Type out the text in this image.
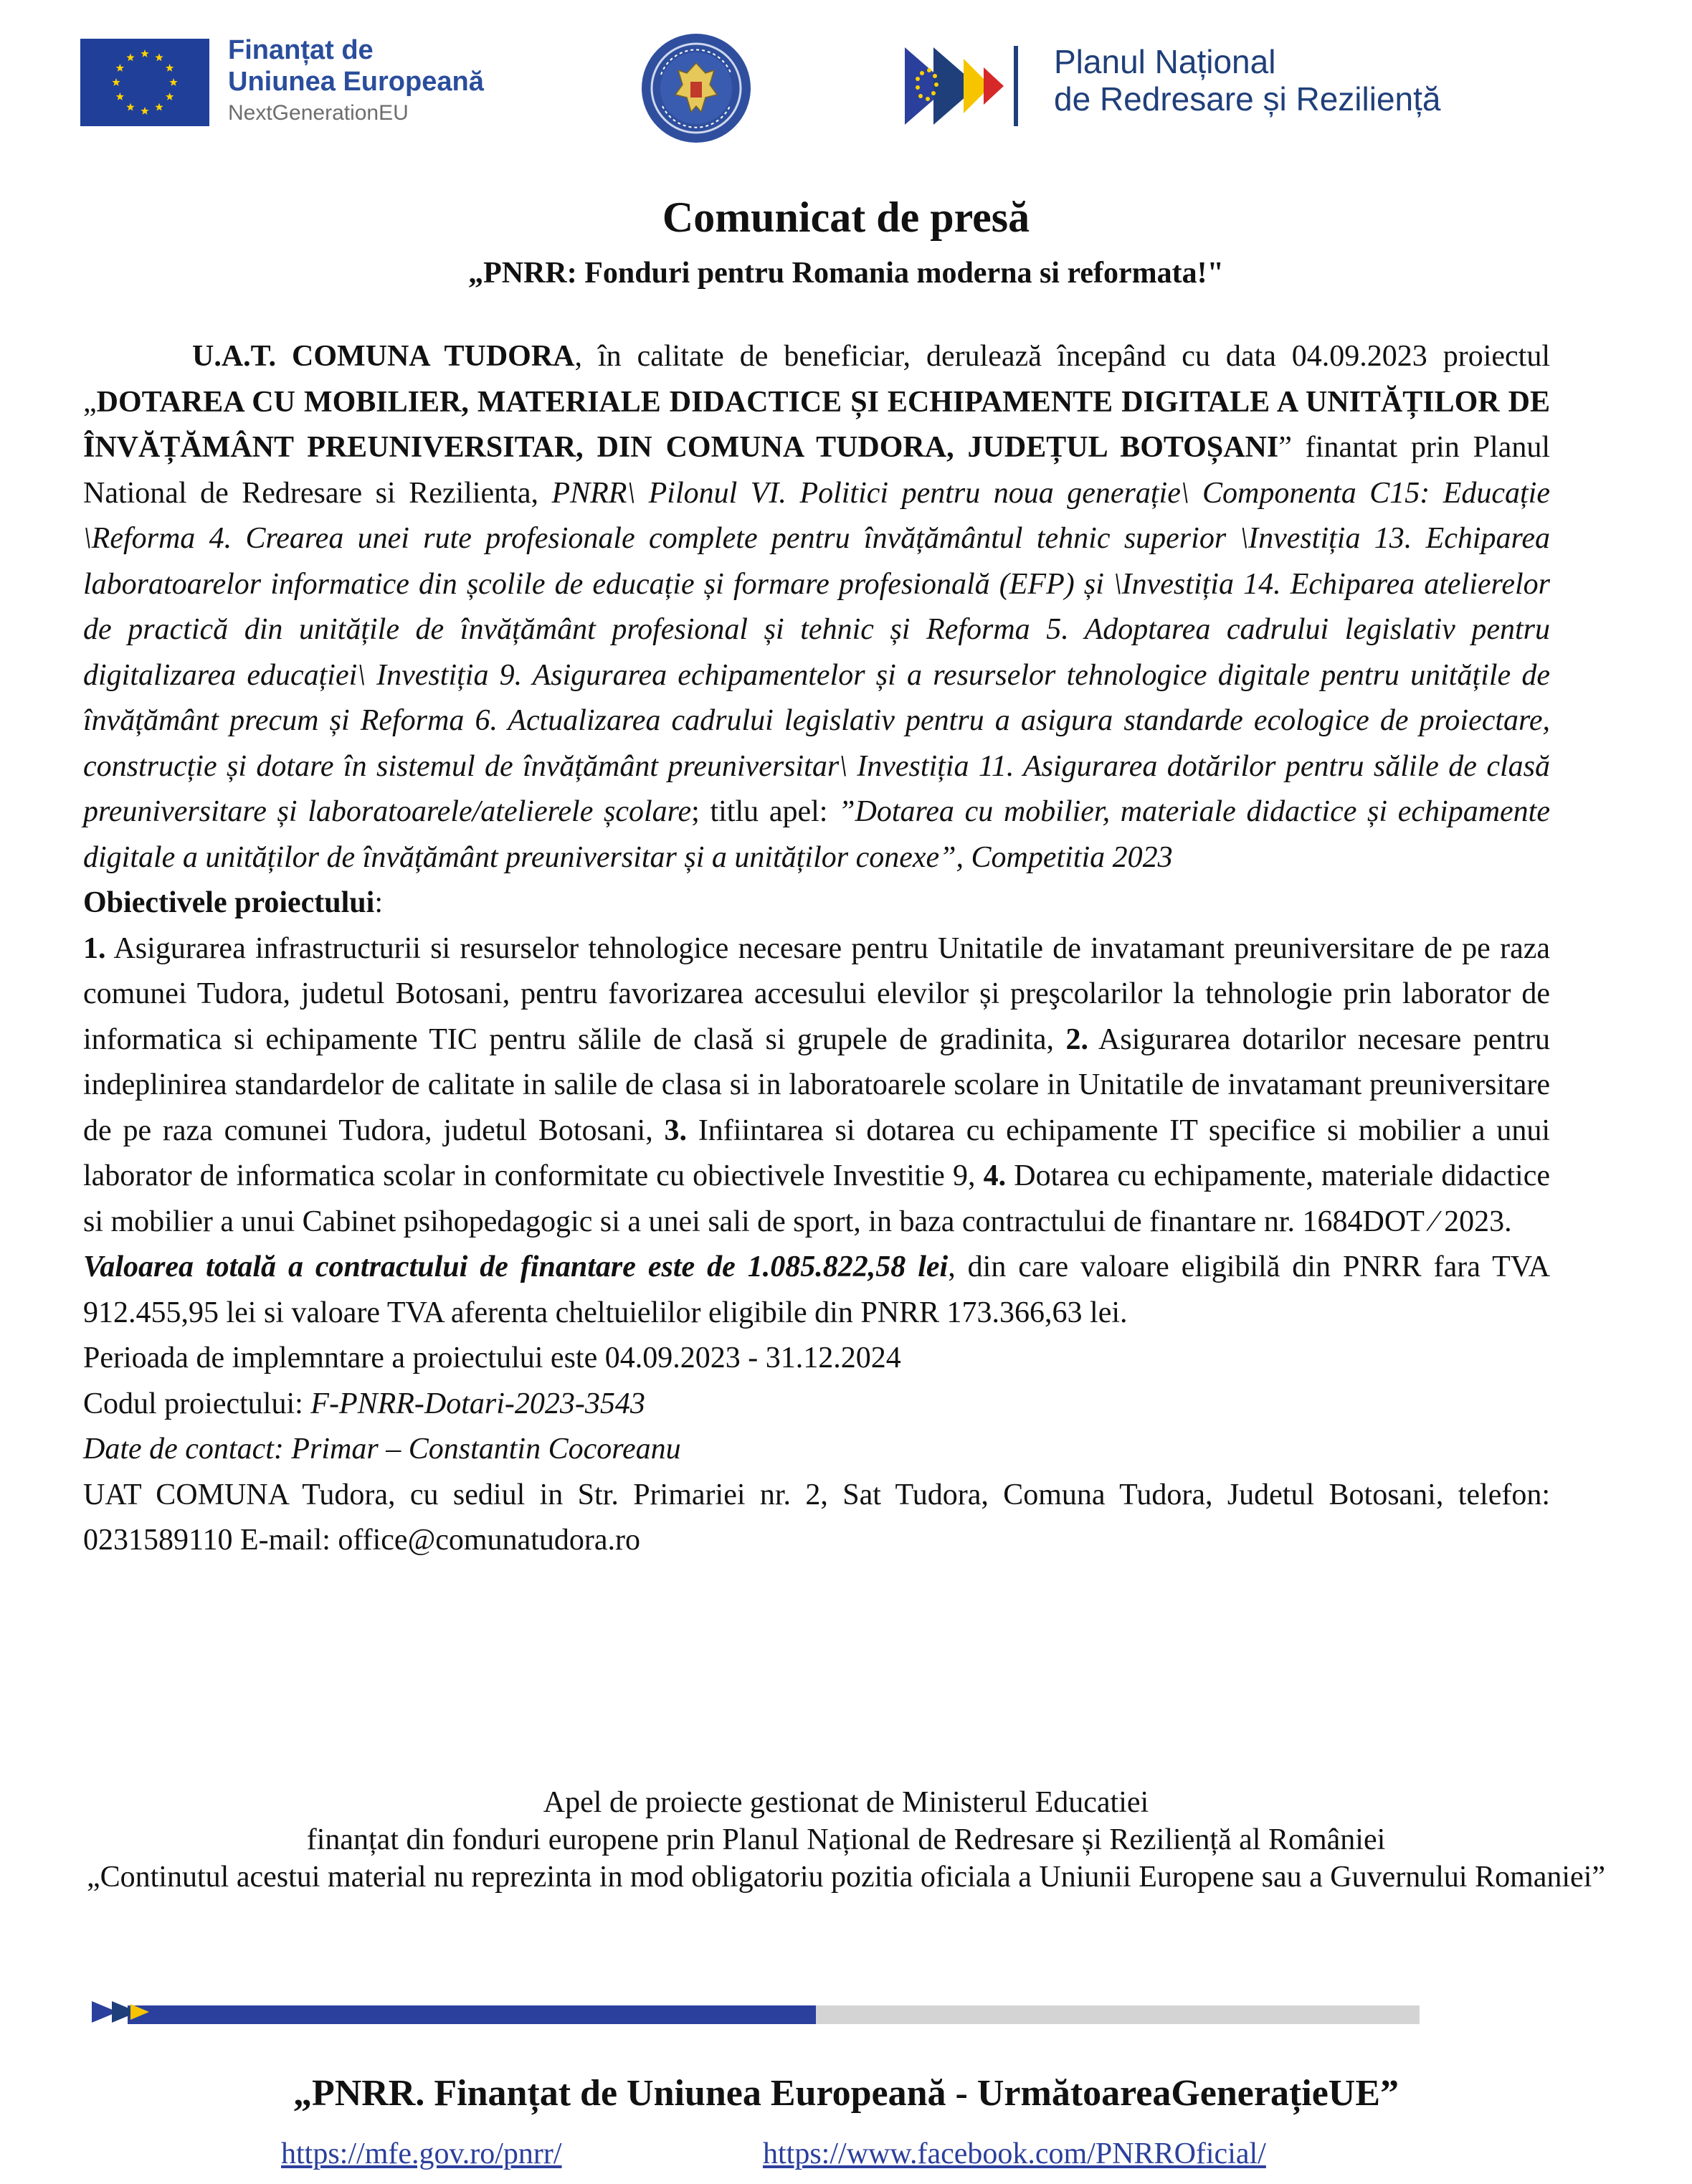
Finanțat de
Uniunea Europeană
NextGenerationEU
Planul Național
de Redresare și Reziliență
Comunicat de presă
„PNRR: Fonduri pentru Romania moderna si reformata!"

U.A.T. COMUNA TUDORA, în calitate de beneficiar, derulează începând cu data 04.09.2023 proiectul „DOTAREA CU MOBILIER, MATERIALE DIDACTICE ȘI ECHIPAMENTE DIGITALE A UNITĂȚILOR DE ÎNVĂȚĂMÂNT PREUNIVERSITAR, DIN COMUNA TUDORA, JUDEȚUL BOTOȘANI” finantat prin Planul National de Redresare si Rezilienta, PNRR\ Pilonul VI. Politici pentru noua generație\ Componenta C15: Educație \Reforma 4. Crearea unei rute profesionale complete pentru învățământul tehnic superior \Investiția 13. Echiparea laboratoarelor informatice din școlile de educație și formare profesională (EFP) și \Investiția 14. Echiparea atelierelor de practică din unitățile de învățământ profesional și tehnic și Reforma 5. Adoptarea cadrului legislativ pentru digitalizarea educației\ Investiția 9. Asigurarea echipamentelor și a resurselor tehnologice digitale pentru unitățile de învățământ precum și Reforma 6. Actualizarea cadrului legislativ pentru a asigura standarde ecologice de proiectare, construcție și dotare în sistemul de învățământ preuniversitar\ Investiția 11. Asigurarea dotărilor pentru sălile de clasă preuniversitare și laboratoarele/atelierele școlare; titlu apel: ”Dotarea cu mobilier, materiale didactice și echipamente digitale a unităților de învățământ preuniversitar și a unităților conexe”, Competitia 2023

Obiectivele proiectului:

1. Asigurarea infrastructurii si resurselor tehnologice necesare pentru Unitatile de invatamant preuniversitare de pe raza comunei Tudora, judetul Botosani, pentru favorizarea accesului elevilor și preşcolarilor la tehnologie prin laborator de informatica si echipamente TIC pentru sălile de clasă si grupele de gradinita, 2. Asigurarea dotarilor necesare pentru indeplinirea standardelor de calitate in salile de clasa si in laboratoarele scolare in Unitatile de invatamant preuniversitare de pe raza comunei Tudora, judetul Botosani, 3. Infiintarea si dotarea cu echipamente IT specifice si mobilier a unui laborator de informatica scolar in conformitate cu obiectivele Investitie 9, 4. Dotarea cu echipamente, materiale didactice si mobilier a unui Cabinet psihopedagogic si a unei sali de sport, in baza contractului de finantare nr. 1684DOT ⁄ 2023.

Valoarea totală a contractului de finantare este de 1.085.822,58 lei, din care valoare eligibilă din PNRR fara TVA 912.455,95 lei si valoare TVA aferenta cheltuielilor eligibile din PNRR 173.366,63 lei.

Perioada de implemntare a proiectului este 04.09.2023 - 31.12.2024

Codul proiectului: F-PNRR-Dotari-2023-3543

Date de contact: Primar – Constantin Cocoreanu

UAT COMUNA Tudora, cu sediul in Str. Primariei nr. 2, Sat Tudora, Comuna Tudora, Judetul Botosani, telefon: 0231589110 E-mail: office@comunatudora.ro

Apel de proiecte gestionat de Ministerul Educatiei

finanțat din fonduri europene prin Planul Național de Redresare și Reziliență al României

„Continutul acestui material nu reprezinta in mod obligatoriu pozitia oficiala a Uniunii Europene sau a Guvernului Romaniei”

„PNRR. Finanțat de Uniunea Europeană - UrmătoareaGenerațieUE”
https://mfe.gov.ro/pnrr/	https://www.facebook.com/PNRROficial/
